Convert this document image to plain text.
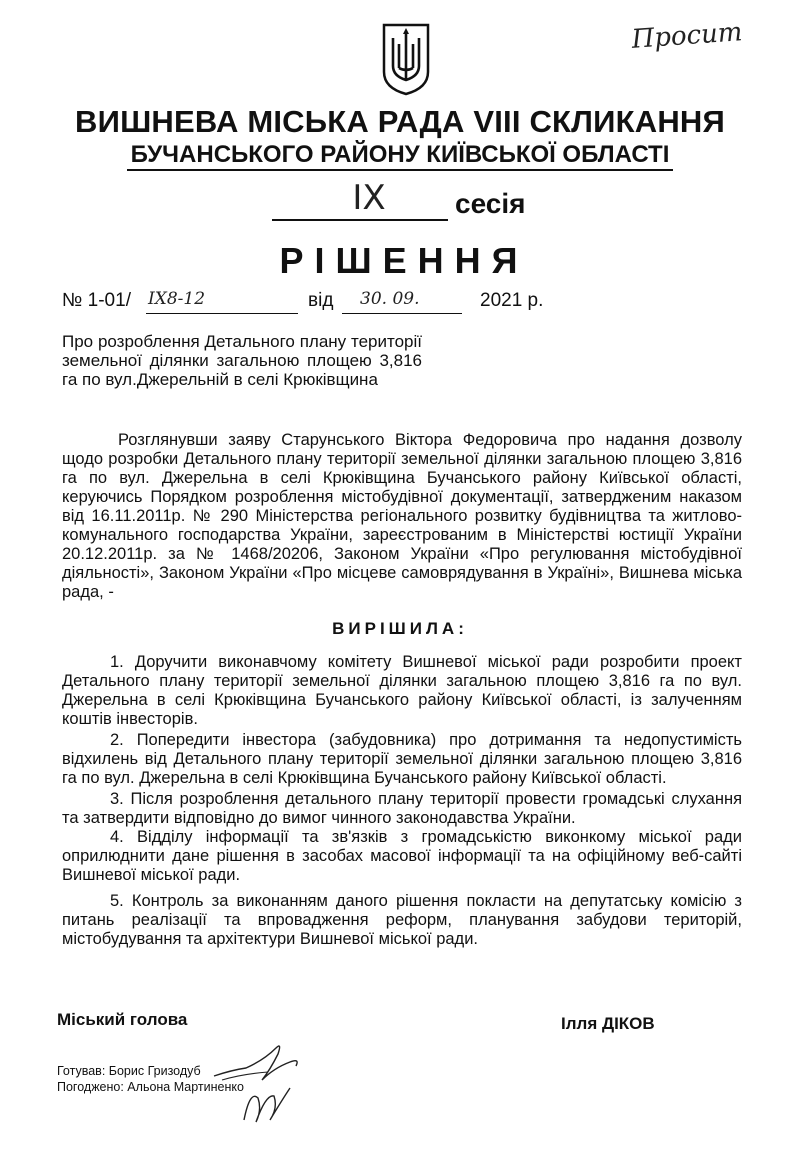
Просит
ВИШНЕВА МІСЬКА РАДА VIII СКЛИКАННЯ
БУЧАНСЬКОГО РАЙОНУ КИЇВСЬКОЇ ОБЛАСТІ
IX	сесія
РІШЕННЯ
№ 1-01/ IX8-12	від 30. 09.	2021 р.
Про розроблення Детального плану території земельної ділянки загальною площею 3,816 га по вул.Джерельній в селі Крюківщина
Розглянувши заяву Старунського Віктора Федоровича про надання дозволу щодо розробки Детального плану території земельної ділянки загальною площею 3,816 га по вул. Джерельна в селі Крюківщина Бучанського району Київської області, керуючись Порядком розроблення містобудівної документації, затвердженим наказом від 16.11.2011р. № 290 Міністерства регіонального розвитку будівництва та житлово-комунального господарства України, зареєстрованим в Міністерстві юстиції України 20.12.2011р. за № 1468/20206, Законом України «Про регулювання містобудівної діяльності», Законом України «Про місцеве самоврядування в Україні», Вишнева міська рада, -
ВИРІШИЛА:
1. Доручити виконавчому комітету Вишневої міської ради розробити проект Детального плану території земельної ділянки загальною площею 3,816 га по вул. Джерельна в селі Крюківщина Бучанського району Київської області, із залученням коштів інвесторів.
2. Попередити інвестора (забудовника) про дотримання та недопустимість відхилень від Детального плану території земельної ділянки загальною площею 3,816 га по вул. Джерельна в селі Крюківщина Бучанського району Київської області.
3. Після розроблення детального плану території провести громадські слухання та затвердити відповідно до вимог чинного законодавства України.
4. Відділу інформації та зв'язків з громадськістю виконкому міської ради оприлюднити дане рішення в засобах масової інформації та на офіційному веб-сайті Вишневої міської ради.
5. Контроль за виконанням даного рішення покласти на депутатську комісію з питань реалізації та впровадження реформ, планування забудови територій, містобудування та архітектури Вишневої міської ради.
Міський голова	Ілля ДІКОВ
Готував: Борис Гризодуб
Погоджено: Альона Мартиненко
